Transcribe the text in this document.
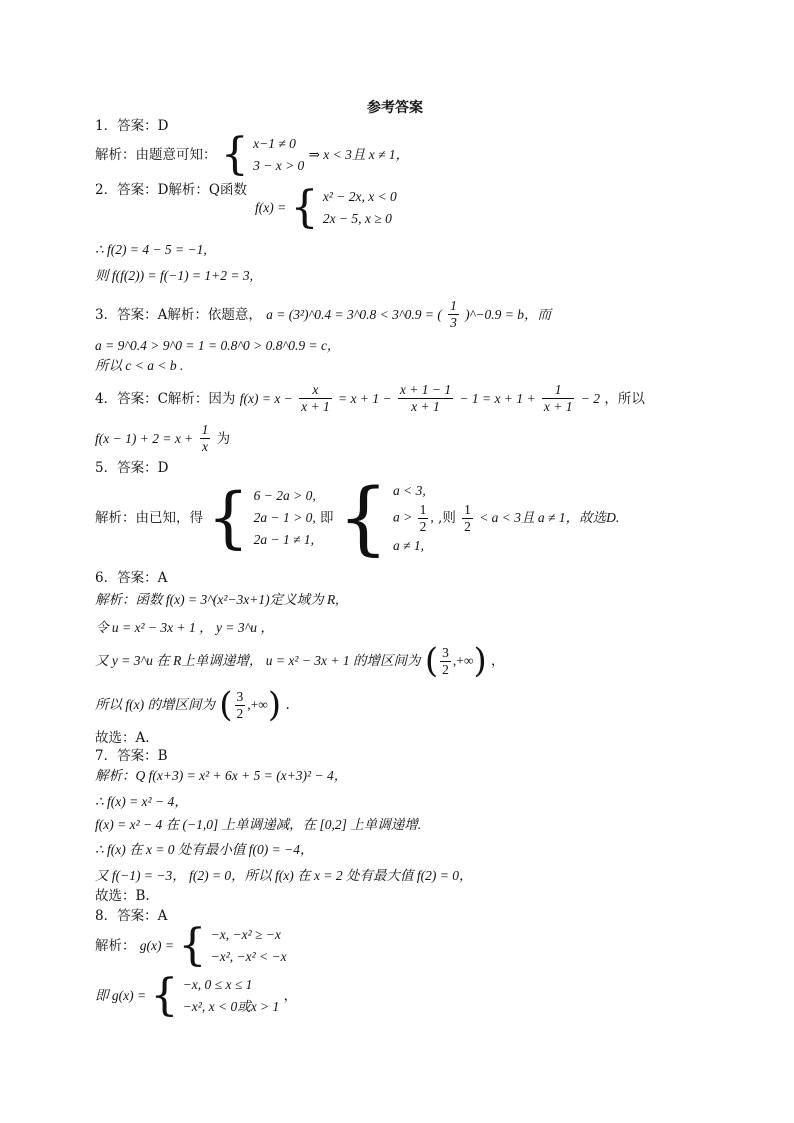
参考答案
1．答案：D
解析：由题意可知： { x−1 ≠ 0
3 − x > 0
⇒ x < 3且 x ≠ 1，
2．答案：D解析：Q函数
f(x) = { x² − 2x, x < 0
2x − 5, x ≥ 0
∴ f(2) = 4 − 5 = −1,
则 f(f(2)) = f(−1) = 1+2 = 3,
3．答案：A解析：依题意， a = (3²)^0.4 = 3^0.8 < 3^0.9 = ( $\frac{1}{3}$ )^−0.9 = b，而
a = 9^0.4 > 9^0 = 1 = 0.8^0 > 0.8^0.9 = c，
所以 c < a < b .
4．答案：C解析：因为 $f(x) = x - \frac{x}{x + 1} = x + 1 - \frac{x + 1 - 1}{x + 1} - 1 = x + 1 + \frac{1}{x + 1} - 2$ ，所以
$f(x - 1) + 2 = x + \frac{1}{x}$ 为
5．答案：D
解析：由已知，得 { 6 − 2a > 0,
2a − 1 > 0,
2a − 1 ≠ 1,
即 { a < 3,
$a > \frac{1}{2}$ ,
a ≠ 1,
,则 $\frac{1}{2} < a < 3$且 a ≠ 1，故选D.
6．答案：A
解析：函数 f(x) = 3^(x²−3x+1)定义域为 R,
令 u = x² − 3x + 1 ， y = 3^u ，
又 y = 3^u 在 R上单调递增， u = x² − 3x + 1 的增区间为 ( $\frac{3}{2}$ ,+∞) ，
所以 f(x) 的增区间为 ( $\frac{3}{2}$ ,+∞) .
故选：A.
7．答案：B
解析：Q f(x+3) = x² + 6x + 5 = (x+3)² − 4，
∴ f(x) = x² − 4，
f(x) = x² − 4 在 (−1,0] 上单调递减，在 [0,2] 上单调递增.
∴ f(x) 在 x = 0 处有最小值 f(0) = −4，
又 f(−1) = −3， f(2) = 0，所以 f(x) 在 x = 2 处有最大值 f(2) = 0，
故选：B.
8．答案：A
解析： g(x) = { −x, −x² ≥ −x
−x², −x² < −x
即 g(x) = { −x, 0 ≤ x ≤ 1
−x², x < 0或x > 1
，
